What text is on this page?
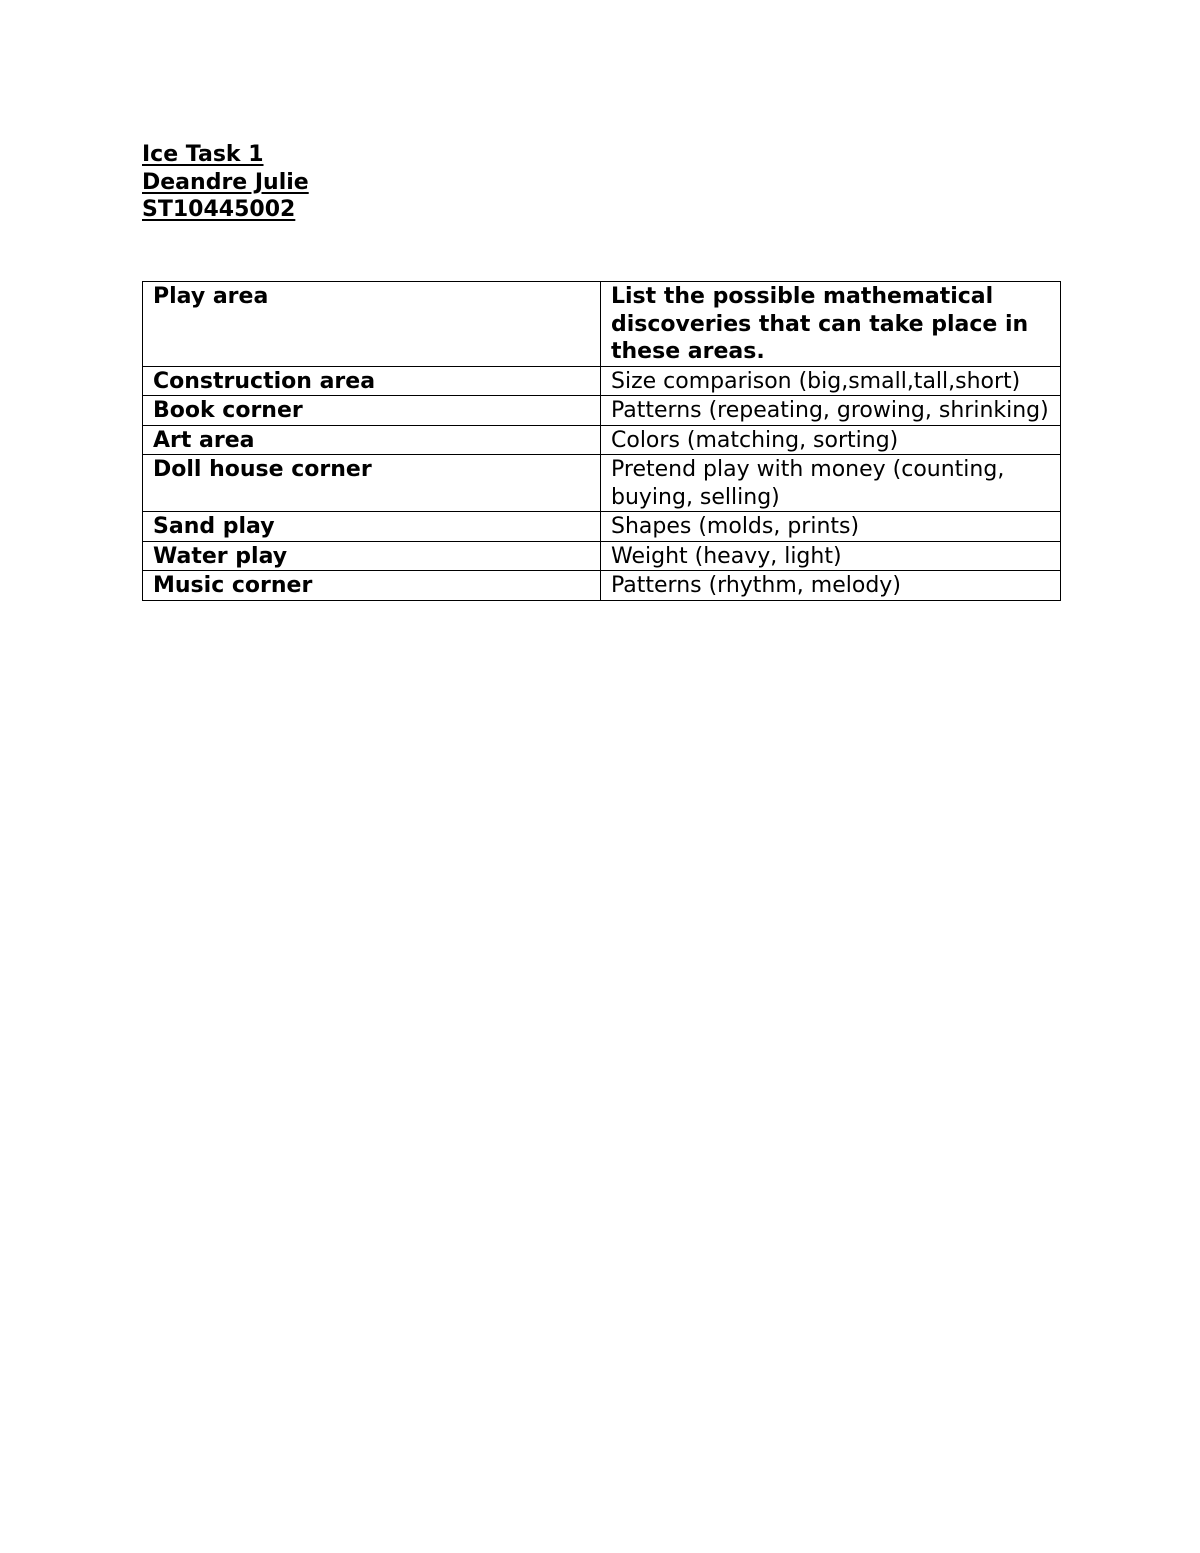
Ice Task 1
Deandre Julie
ST10445002
Play area	List the possible mathematical discoveries that can take place in these areas.
Construction area	Size comparison (big,small,tall,short)
Book corner	Patterns (repeating, growing, shrinking)
Art area	Colors (matching, sorting)
Doll house corner	Pretend play with money (counting, buying, selling)
Sand play	Shapes (molds, prints)
Water play	Weight (heavy, light)
Music corner	Patterns (rhythm, melody)
